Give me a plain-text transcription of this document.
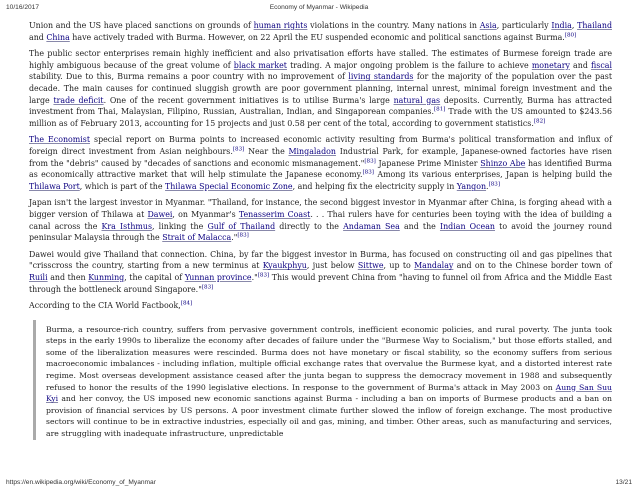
10/16/2017	Economy of Myanmar - Wikipedia

Union and the US have placed sanctions on grounds of human rights violations in the country. Many nations in Asia, particularly India, Thailand and China have actively traded with Burma. However, on 22 April the EU suspended economic and political sanctions against Burma.[80]

The public sector enterprises remain highly inefficient and also privatisation efforts have stalled. The estimates of Burmese foreign trade are highly ambiguous because of the great volume of black market trading. A major ongoing problem is the failure to achieve monetary and fiscal stability. Due to this, Burma remains a poor country with no improvement of living standards for the majority of the population over the past decade. The main causes for continued sluggish growth are poor government planning, internal unrest, minimal foreign investment and the large trade deficit. One of the recent government initiatives is to utilise Burma's large natural gas deposits. Currently, Burma has attracted investment from Thai, Malaysian, Filipino, Russian, Australian, Indian, and Singaporean companies.[81] Trade with the US amounted to $243.56 million as of February 2013, accounting for 15 projects and just 0.58 per cent of the total, according to government statistics.[82]

The Economist special report on Burma points to increased economic activity resulting from Burma's political transformation and influx of foreign direct investment from Asian neighbours.[83] Near the Mingaladon Industrial Park, for example, Japanese-owned factories have risen from the "debris" caused by "decades of sanctions and economic mismanagement."[83] Japanese Prime Minister Shinzo Abe has identified Burma as economically attractive market that will help stimulate the Japanese economy.[83] Among its various enterprises, Japan is helping build the Thilawa Port, which is part of the Thilawa Special Economic Zone, and helping fix the electricity supply in Yangon.[83]

Japan isn't the largest investor in Myanmar. "Thailand, for instance, the second biggest investor in Myanmar after China, is forging ahead with a bigger version of Thilawa at Dawei, on Myanmar's Tenasserim Coast. . . Thai rulers have for centuries been toying with the idea of building a canal across the Kra Isthmus, linking the Gulf of Thailand directly to the Andaman Sea and the Indian Ocean to avoid the journey round peninsular Malaysia through the Strait of Malacca."[83]

Dawei would give Thailand that connection. China, by far the biggest investor in Burma, has focused on constructing oil and gas pipelines that "crisscross the country, starting from a new terminus at Kyaukphyu, just below Sittwe, up to Mandalay and on to the Chinese border town of Ruili and then Kunming, the capital of Yunnan province."[83] This would prevent China from "having to funnel oil from Africa and the Middle East through the bottleneck around Singapore."[83]

According to the CIA World Factbook,[84]

Burma, a resource-rich country, suffers from pervasive government controls, inefficient economic policies, and rural poverty. The junta took steps in the early 1990s to liberalize the economy after decades of failure under the "Burmese Way to Socialism," but those efforts stalled, and some of the liberalization measures were rescinded. Burma does not have monetary or fiscal stability, so the economy suffers from serious macroeconomic imbalances - including inflation, multiple official exchange rates that overvalue the Burmese kyat, and a distorted interest rate regime. Most overseas development assistance ceased after the junta began to suppress the democracy movement in 1988 and subsequently refused to honor the results of the 1990 legislative elections. In response to the government of Burma's attack in May 2003 on Aung San Suu Kyi and her convoy, the US imposed new economic sanctions against Burma - including a ban on imports of Burmese products and a ban on provision of financial services by US persons. A poor investment climate further slowed the inflow of foreign exchange. The most productive sectors will continue to be in extractive industries, especially oil and gas, mining, and timber. Other areas, such as manufacturing and services, are struggling with inadequate infrastructure, unpredictable

https://en.wikipedia.org/wiki/Economy_of_Myanmar	13/21
